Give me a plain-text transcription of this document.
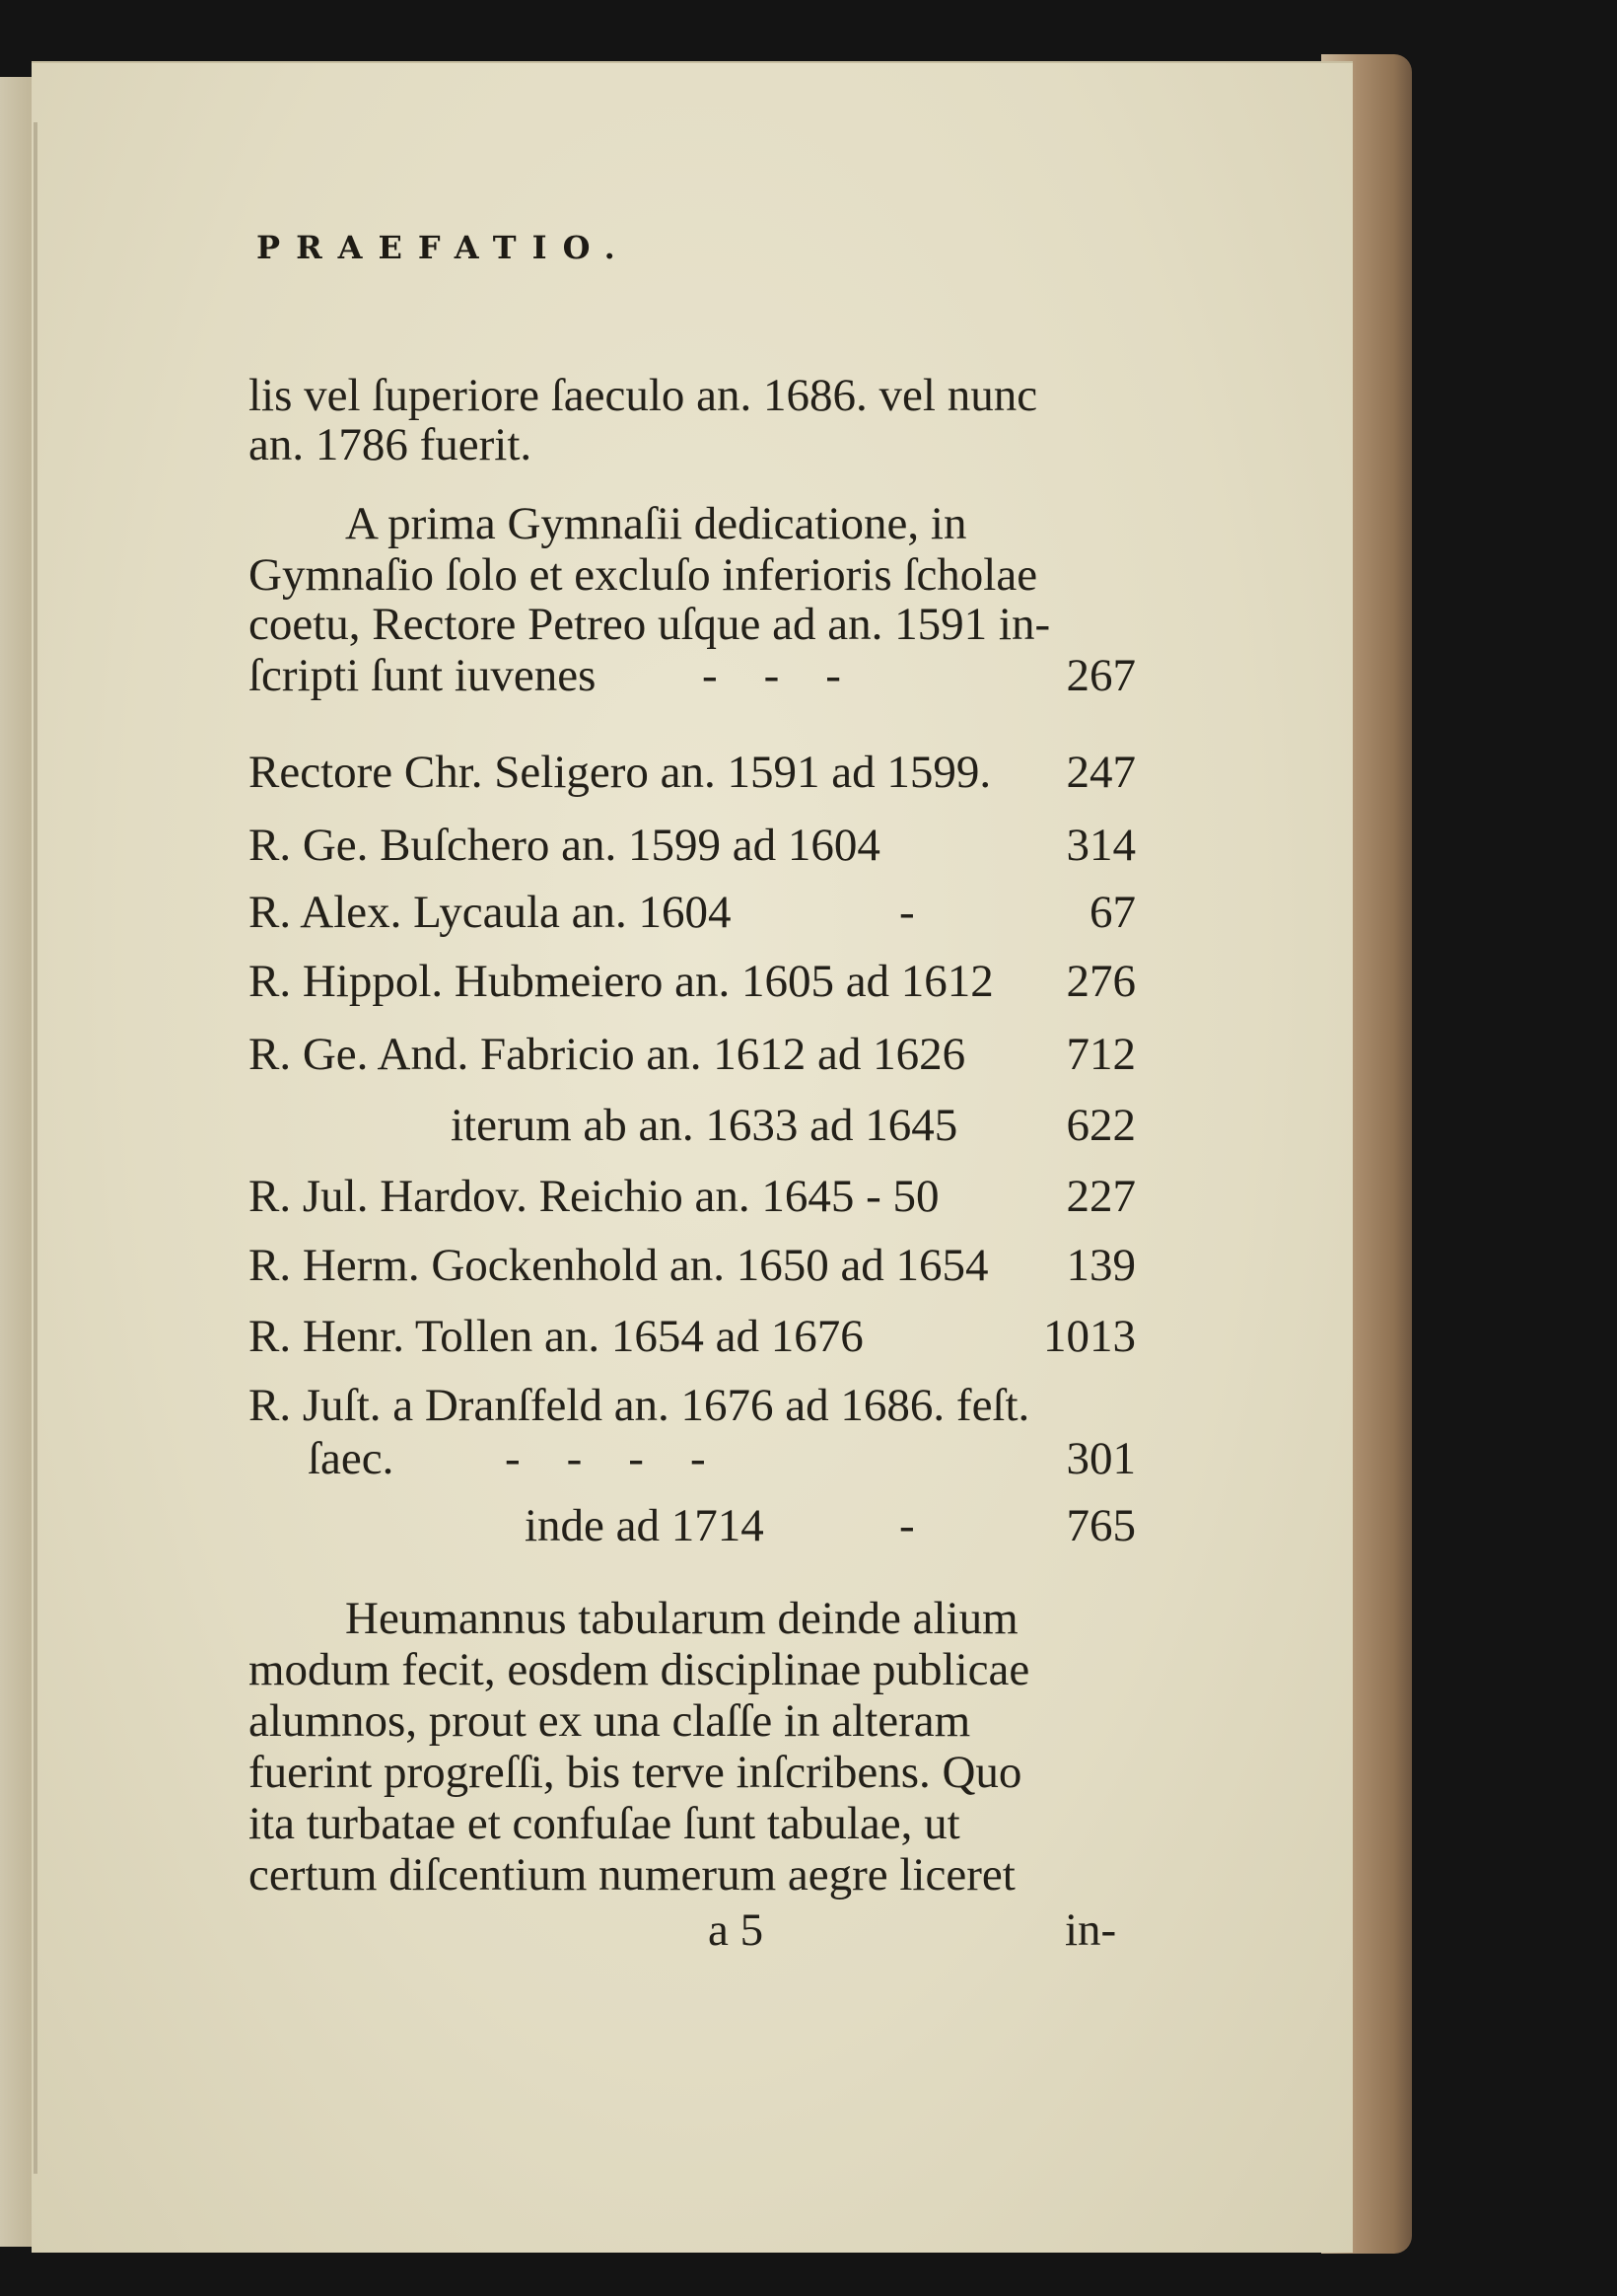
PRAEFATIO.
lis vel ſuperiore ſaeculo an. 1686. vel nunc
an. 1786 fuerit.
A prima Gymnaſii dedicatione, in
Gymnaſio ſolo et excluſo inferioris ſcholae
coetu, Rectore Petreo uſque ad an. 1591 in-
ſcripti ſunt iuvenes -    -    -	267
Rectore Chr. Seligero an. 1591 ad 1599. 247
R. Ge. Buſchero an. 1599 ad 1604	314
R. Alex. Lycaula an. 1604	-	67
R. Hippol. Hubmeiero an. 1605 ad 1612 276
R. Ge. And. Fabricio an. 1612 ad 1626 712
iterum ab an. 1633 ad 1645 622
R. Jul. Hardov. Reichio an. 1645 - 50	227
R. Herm. Gockenhold an. 1650 ad 1654 139
R. Henr. Tollen an. 1654 ad 1676	1013
R. Juſt. a Dranſfeld an. 1676 ad 1686. feſt.
ſaec. -    -    -    -	301
inde ad 1714	-	765
Heumannus tabularum deinde alium
modum fecit, eosdem disciplinae publicae
alumnos, prout ex una claſſe in alteram
fuerint progreſſi, bis terve inſcribens. Quo
ita turbatae et confuſae ſunt tabulae, ut
certum diſcentium numerum aegre liceret
a 5	in-
